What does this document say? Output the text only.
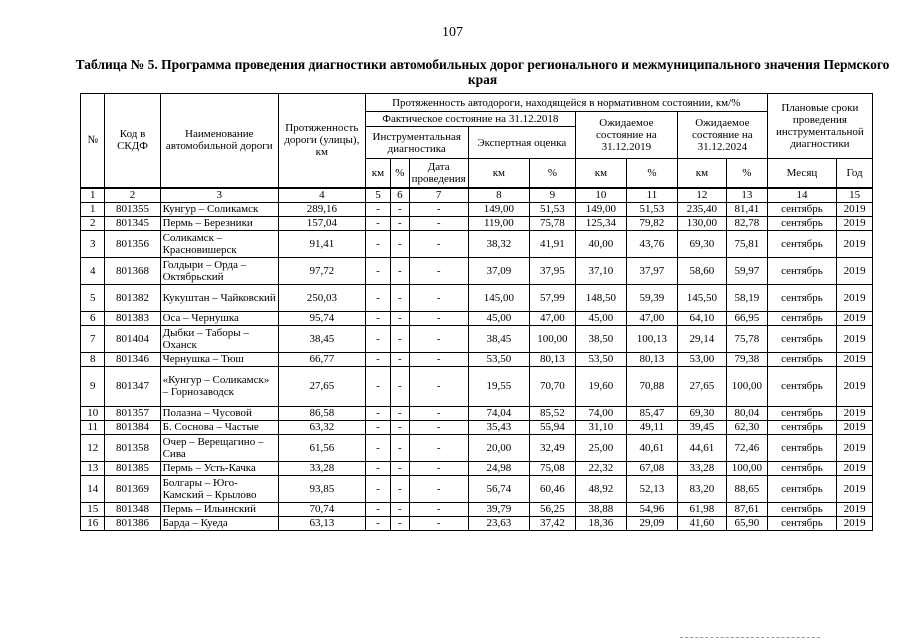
107
Таблица № 5. Программа проведения диагностики автомобильных дорог регионального и межмуниципального значения Пермского края
№	Код в СКДФ	Наименование автомобильной дороги	Протяженность дороги (улицы), км	Протяженность автодороги, находящейся в нормативном состоянии, км/%									Плановые сроки проведения инструментальной диагностики	
				Фактическое состояние на 31.12.2018					Ожидаемое состояние на 31.12.2019		Ожидаемое состояние на 31.12.2024			
				Инструментальная диагностика			Экспертная оценка							
				км	%	Дата проведения	км	%	км	%	км	%	Месяц	Год
1	2	3	4	5	6	7	8	9	10	11	12	13	14	15
1	801355	Кунгур – Соликамск	289,16	-	-	-	149,00	51,53	149,00	51,53	235,40	81,41	сентябрь	2019
2	801345	Пермь – Березники	157,04	-	-	-	119,00	75,78	125,34	79,82	130,00	82,78	сентябрь	2019
3	801356	Соликамск – Красновишерск	91,41	-	-	-	38,32	41,91	40,00	43,76	69,30	75,81	сентябрь	2019
4	801368	Голдыри – Орда – Октябрьский	97,72	-	-	-	37,09	37,95	37,10	37,97	58,60	59,97	сентябрь	2019
5	801382	Кукуштан – Чайковский	250,03	-	-	-	145,00	57,99	148,50	59,39	145,50	58,19	сентябрь	2019
6	801383	Оса – Чернушка	95,74	-	-	-	45,00	47,00	45,00	47,00	64,10	66,95	сентябрь	2019
7	801404	Дыбки – Таборы – Оханск	38,45	-	-	-	38,45	100,00	38,50	100,13	29,14	75,78	сентябрь	2019
8	801346	Чернушка – Тюш	66,77	-	-	-	53,50	80,13	53,50	80,13	53,00	79,38	сентябрь	2019
9	801347	«Кунгур – Соликамск» – Горнозаводск	27,65	-	-	-	19,55	70,70	19,60	70,88	27,65	100,00	сентябрь	2019
10	801357	Полазна – Чусовой	86,58	-	-	-	74,04	85,52	74,00	85,47	69,30	80,04	сентябрь	2019
11	801384	Б. Соснова – Частые	63,32	-	-	-	35,43	55,94	31,10	49,11	39,45	62,30	сентябрь	2019
12	801358	Очер – Верещагино – Сива	61,56	-	-	-	20,00	32,49	25,00	40,61	44,61	72,46	сентябрь	2019
13	801385	Пермь – Усть-Качка	33,28	-	-	-	24,98	75,08	22,32	67,08	33,28	100,00	сентябрь	2019
14	801369	Болгары – Юго-Камский – Крылово	93,85	-	-	-	56,74	60,46	48,92	52,13	83,20	88,65	сентябрь	2019
15	801348	Пермь – Ильинский	70,74	-	-	-	39,79	56,25	38,88	54,96	61,98	87,61	сентябрь	2019
16	801386	Барда – Куеда	63,13	-	-	-	23,63	37,42	18,36	29,09	41,60	65,90	сентябрь	2019
